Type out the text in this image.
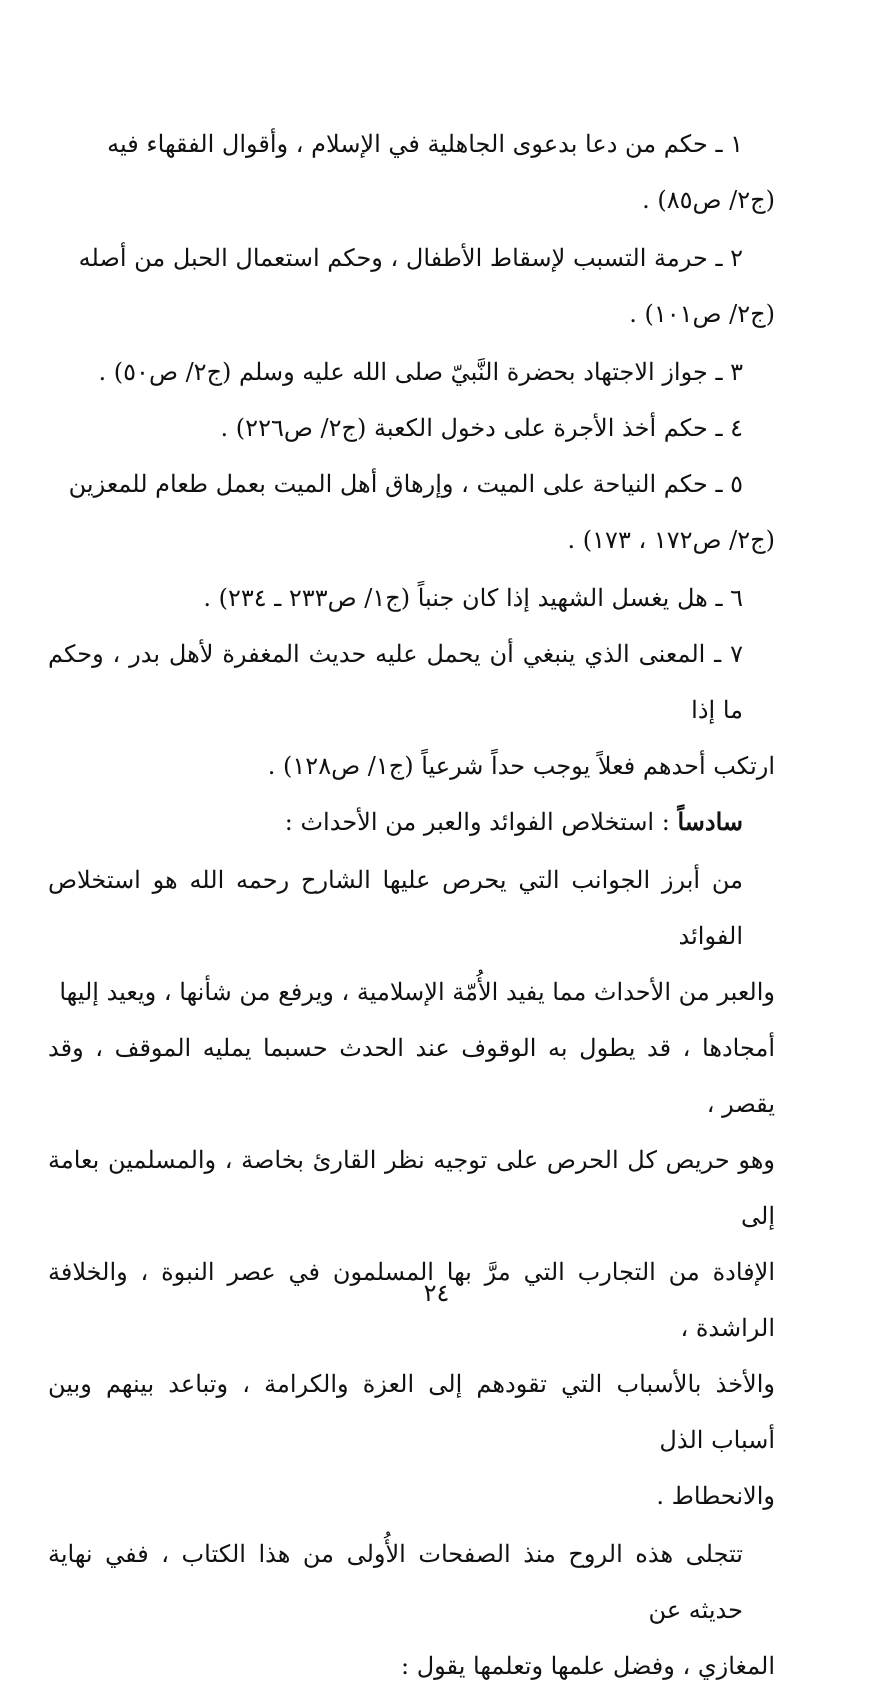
١ ـ حكم من دعا بدعوى الجاهلية في الإسلام ، وأقوال الفقهاء فيه
(ج٢/ ص٨٥) .
٢ ـ حرمة التسبب لإسقاط الأطفال ، وحكم استعمال الحبل من أصله
(ج٢/ ص١٠١) .
٣ ـ جواز الاجتهاد بحضرة النَّبيّ صلى الله عليه وسلم (ج٢/ ص٥٠) .
٤ ـ حكم أخذ الأجرة على دخول الكعبة (ج٢/ ص٢٢٦) .
٥ ـ حكم النياحة على الميت ، وإرهاق أهل الميت بعمل طعام للمعزين
(ج٢/ ص١٧٢ ، ١٧٣) .
٦ ـ هل يغسل الشهيد إذا كان جنباً (ج١/ ص٢٣٣ ـ ٢٣٤) .
٧ ـ المعنى الذي ينبغي أن يحمل عليه حديث المغفرة لأهل بدر ، وحكم ما إذا
ارتكب أحدهم فعلاً يوجب حداً شرعياً (ج١/ ص١٢٨) .
سادساً : استخلاص الفوائد والعبر من الأحداث :
من أبرز الجوانب التي يحرص عليها الشارح رحمه الله هو استخلاص الفوائد
والعبر من الأحداث مما يفيد الأُمّة الإسلامية ، ويرفع من شأنها ، ويعيد إليها
أمجادها ، قد يطول به الوقوف عند الحدث حسبما يمليه الموقف ، وقد يقصر ،
وهو حريص كل الحرص على توجيه نظر القارئ بخاصة ، والمسلمين بعامة إلى
الإفادة من التجارب التي مرَّ بها المسلمون في عصر النبوة ، والخلافة الراشدة ،
والأخذ بالأسباب التي تقودهم إلى العزة والكرامة ، وتباعد بينهم وبين أسباب الذل
والانحطاط .
تتجلى هذه الروح منذ الصفحات الأُولى من هذا الكتاب ، ففي نهاية حديثه عن
المغازي ، وفضل علمها وتعلمها يقول :
٢٤
